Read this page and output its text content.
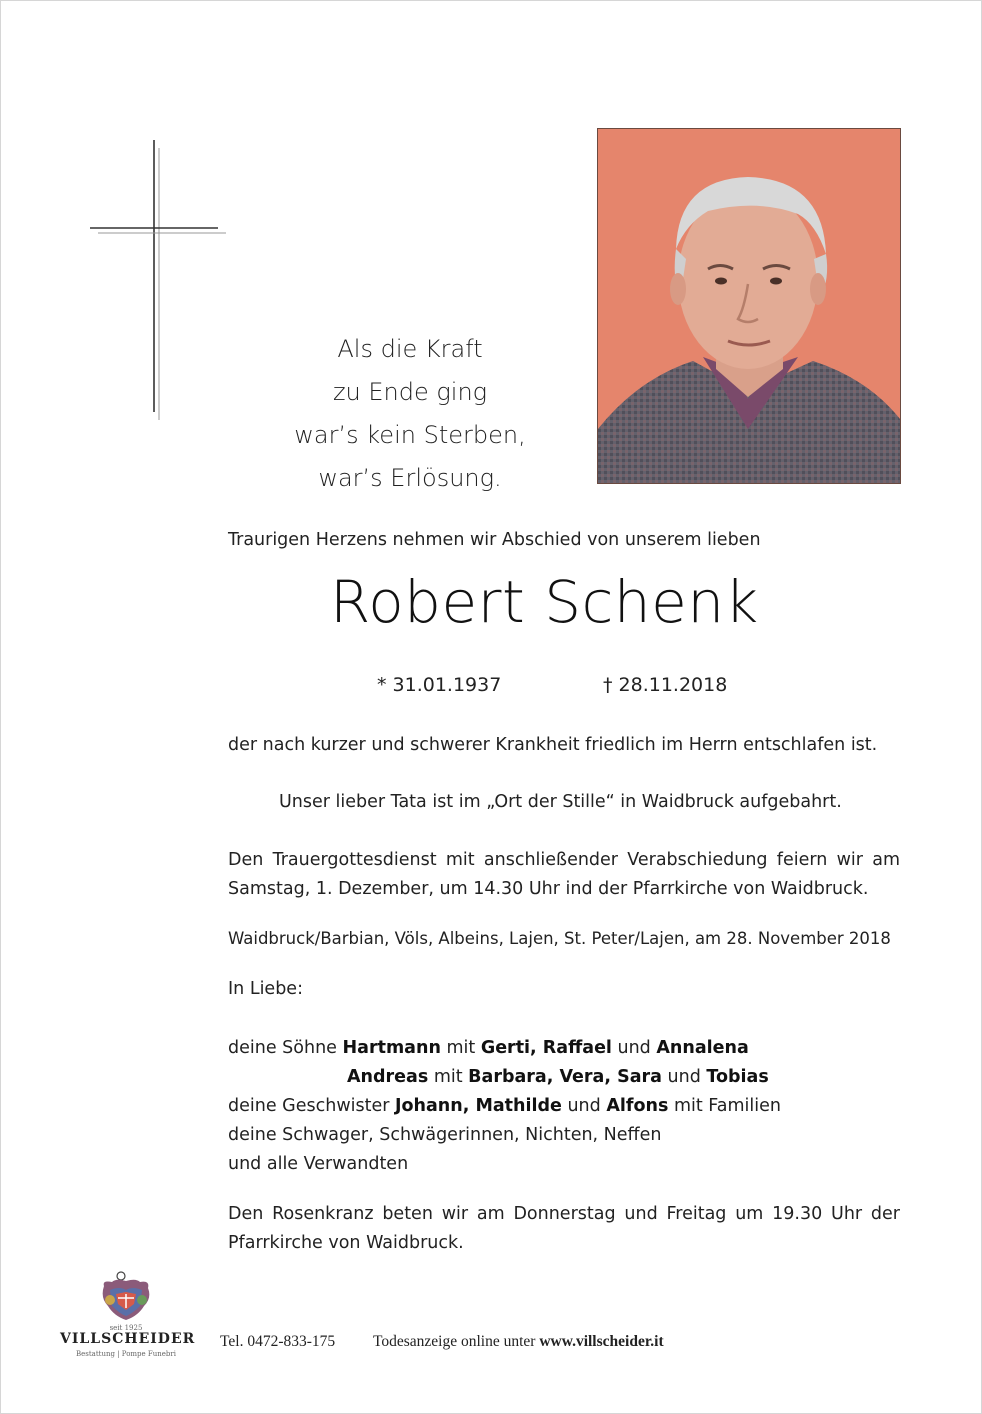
Als die Kraft
zu Ende ging
war’s kein Sterben,
war’s Erlösung.
Traurigen Herzens nehmen wir Abschied von unserem lieben
Robert Schenk
* 31.01.1937	† 28.11.2018
der nach kurzer und schwerer Krankheit friedlich im Herrn entschlafen ist.
Unser lieber Tata ist im „Ort der Stille“ in Waidbruck aufgebahrt.
Den Trauergottesdienst mit anschließender Verabschiedung feiern wir am
Samstag, 1. Dezember, um 14.30 Uhr ind der Pfarrkirche von Waidbruck.
Waidbruck/Barbian, Völs, Albeins, Lajen, St. Peter/Lajen, am 28. November 2018
In Liebe:
deine Söhne Hartmann mit Gerti, Raffael und Annalena
Andreas mit Barbara, Vera, Sara und Tobias
deine Geschwister Johann, Mathilde und Alfons mit Familien
deine Schwager, Schwägerinnen, Nichten, Neffen
und alle Verwandten
Den Rosenkranz beten wir am Donnerstag und Freitag um 19.30 Uhr der
Pfarrkirche von Waidbruck.
seit 1925
VILLSCHEIDER
Bestattung | Pompe Funebri
Tel. 0472-833-175 Todesanzeige online unter www.villscheider.it
